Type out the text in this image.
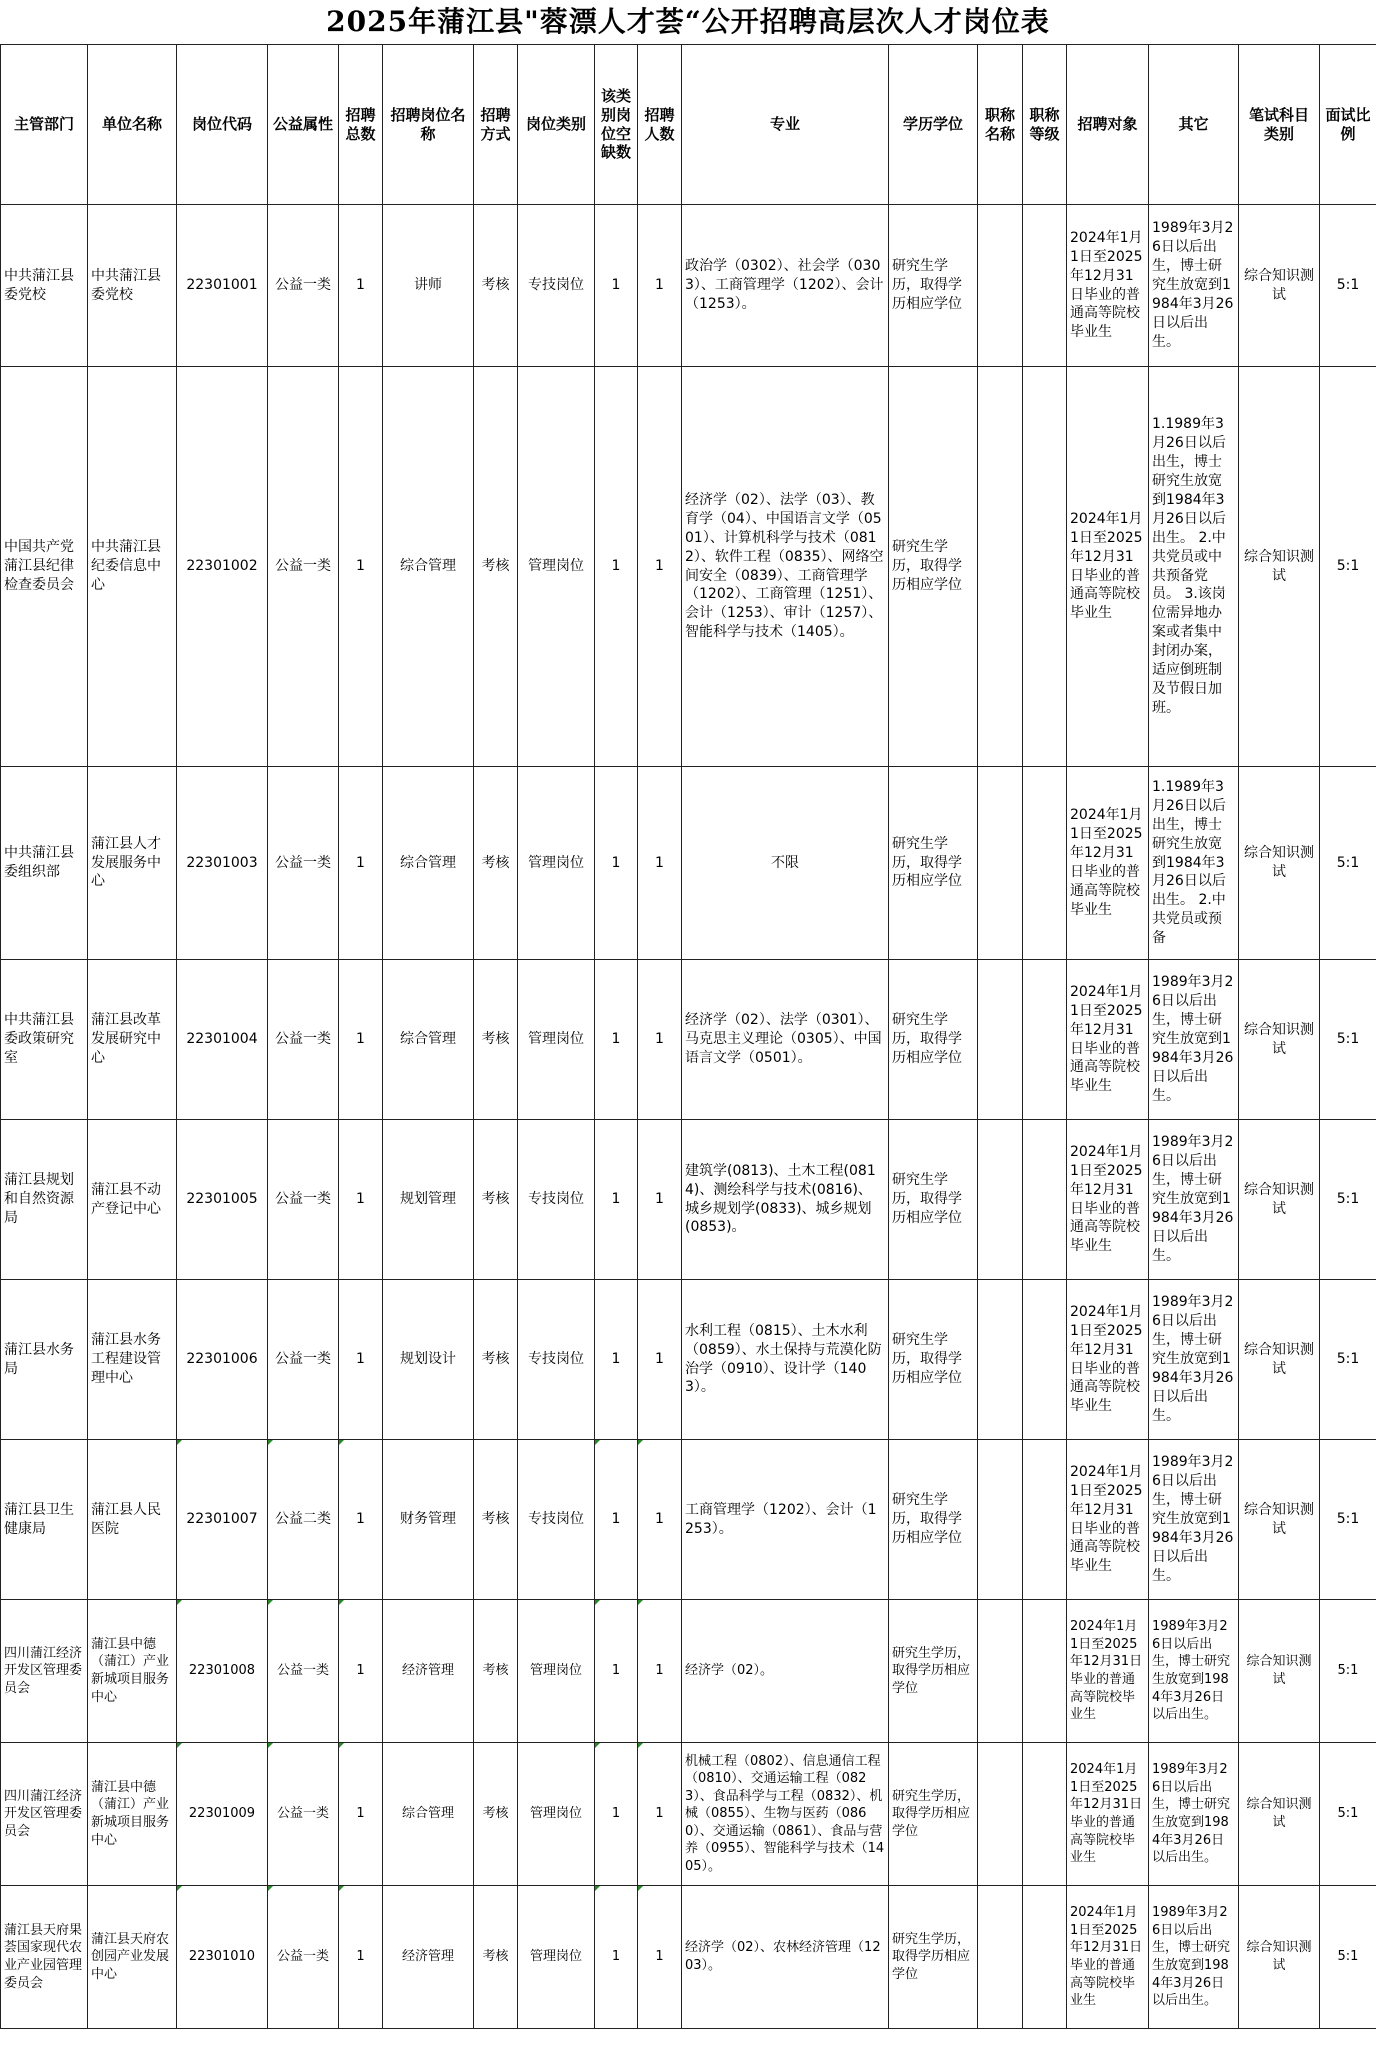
2025年蒲江县"蓉漂人才荟“公开招聘高层次人才岗位表
主管部门	单位名称	岗位代码	公益属性	招聘总数	招聘岗位名称	招聘方式	岗位类别	该类别岗位空缺数	招聘人数	专业	学历学位	职称名称	职称等级	招聘对象	其它	笔试科目类别	面试比例
中共蒲江县委党校	中共蒲江县委党校	22301001	公益一类	1	讲师	考核	专技岗位	1	1	政治学（0302）、社会学（0303）、工商管理学（1202）、会计（1253）。	研究生学历，取得学历相应学位			2024年1月1日至2025年12月31日毕业的普通高等院校毕业生	1989年3月26日以后出生，博士研究生放宽到1984年3月26日以后出生。	综合知识测试	5:1
中国共产党蒲江县纪律检查委员会	中共蒲江县纪委信息中心	22301002	公益一类	1	综合管理	考核	管理岗位	1	1	经济学（02）、法学（03）、教育学（04）、中国语言文学（0501）、计算机科学与技术（0812）、软件工程（0835）、网络空间安全（0839）、工商管理学（1202）、工商管理（1251）、会计（1253）、审计（1257）、智能科学与技术（1405）。	研究生学历，取得学历相应学位			2024年1月1日至2025年12月31日毕业的普通高等院校毕业生	1.1989年3月26日以后出生，博士研究生放宽到1984年3月26日以后出生。 2.中共党员或中共预备党员。 3.该岗位需异地办案或者集中封闭办案，适应倒班制及节假日加班。	综合知识测试	5:1
中共蒲江县委组织部	蒲江县人才发展服务中心	22301003	公益一类	1	综合管理	考核	管理岗位	1	1	不限	研究生学历，取得学历相应学位			2024年1月1日至2025年12月31日毕业的普通高等院校毕业生	1.1989年3月26日以后出生，博士研究生放宽到1984年3月26日以后出生。 2.中共党员或预备	综合知识测试	5:1
中共蒲江县委政策研究室	蒲江县改革发展研究中心	22301004	公益一类	1	综合管理	考核	管理岗位	1	1	经济学（02）、法学（0301）、马克思主义理论（0305）、中国语言文学（0501）。	研究生学历，取得学历相应学位			2024年1月1日至2025年12月31日毕业的普通高等院校毕业生	1989年3月26日以后出生，博士研究生放宽到1984年3月26日以后出生。	综合知识测试	5:1
蒲江县规划和自然资源局	蒲江县不动产登记中心	22301005	公益一类	1	规划管理	考核	专技岗位	1	1	建筑学(0813)、土木工程(0814)、测绘科学与技术(0816)、城乡规划学(0833)、城乡规划(0853)。	研究生学历，取得学历相应学位			2024年1月1日至2025年12月31日毕业的普通高等院校毕业生	1989年3月26日以后出生，博士研究生放宽到1984年3月26日以后出生。	综合知识测试	5:1
蒲江县水务局	蒲江县水务工程建设管理中心	22301006	公益一类	1	规划设计	考核	专技岗位	1	1	水利工程（0815）、土木水利（0859）、水土保持与荒漠化防治学（0910）、设计学（1403）。	研究生学历，取得学历相应学位			2024年1月1日至2025年12月31日毕业的普通高等院校毕业生	1989年3月26日以后出生，博士研究生放宽到1984年3月26日以后出生。	综合知识测试	5:1
蒲江县卫生健康局	蒲江县人民医院	22301007	公益二类	1	财务管理	考核	专技岗位	1	1	工商管理学（1202）、会计（1253）。	研究生学历，取得学历相应学位			2024年1月1日至2025年12月31日毕业的普通高等院校毕业生	1989年3月26日以后出生，博士研究生放宽到1984年3月26日以后出生。	综合知识测试	5:1
四川蒲江经济开发区管理委员会	蒲江县中德（蒲江）产业新城项目服务中心	22301008	公益一类	1	经济管理	考核	管理岗位	1	1	经济学（02）。	研究生学历，取得学历相应学位			2024年1月1日至2025年12月31日毕业的普通高等院校毕业生	1989年3月26日以后出生，博士研究生放宽到1984年3月26日以后出生。	综合知识测试	5:1
四川蒲江经济开发区管理委员会	蒲江县中德（蒲江）产业新城项目服务中心	22301009	公益一类	1	综合管理	考核	管理岗位	1	1	机械工程（0802）、信息通信工程（0810）、交通运输工程（0823）、食品科学与工程（0832）、机械（0855）、生物与医药（0860）、交通运输（0861）、食品与营养（0955）、智能科学与技术（1405）。	研究生学历，取得学历相应学位			2024年1月1日至2025年12月31日毕业的普通高等院校毕业生	1989年3月26日以后出生，博士研究生放宽到1984年3月26日以后出生。	综合知识测试	5:1
蒲江县天府果荟国家现代农业产业园管理委员会	蒲江县天府农创园产业发展中心	22301010	公益一类	1	经济管理	考核	管理岗位	1	1	经济学（02）、农林经济管理（1203）。	研究生学历，取得学历相应学位			2024年1月1日至2025年12月31日毕业的普通高等院校毕业生	1989年3月26日以后出生，博士研究生放宽到1984年3月26日以后出生。	综合知识测试	5:1
